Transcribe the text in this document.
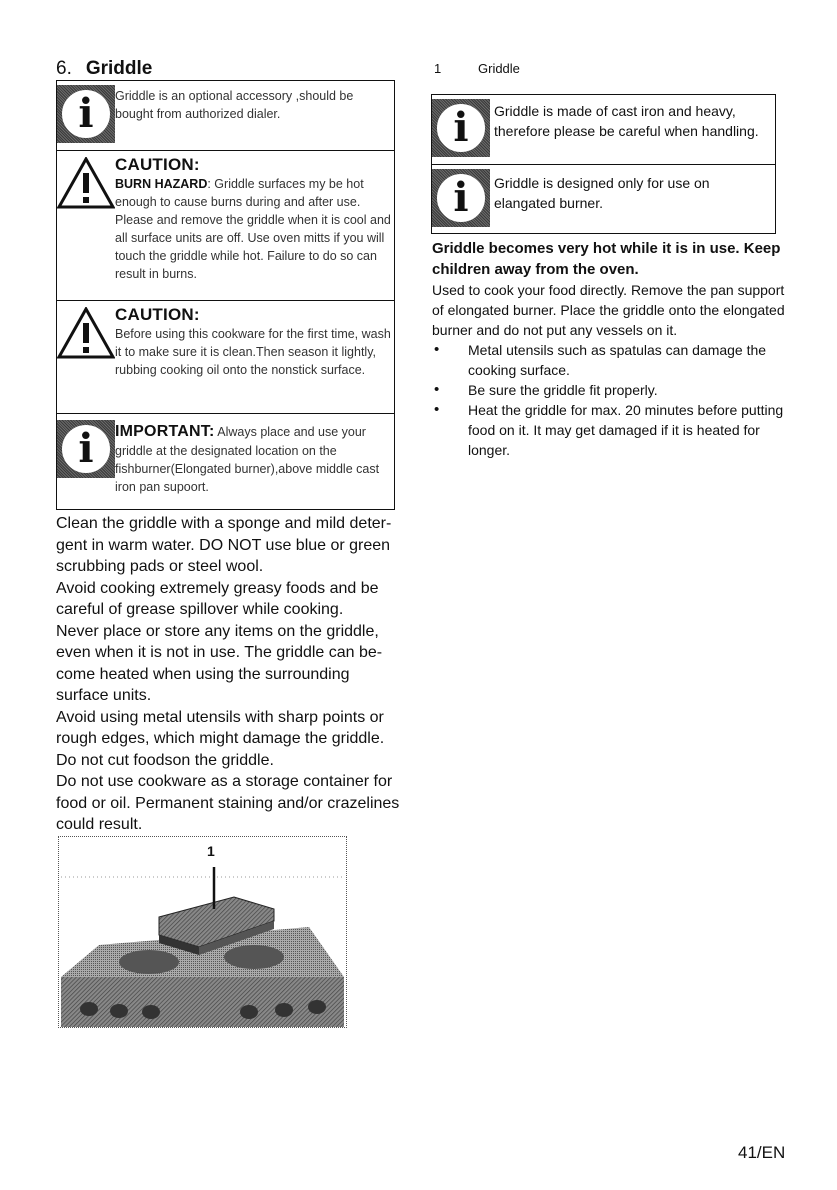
6. Griddle
i	Griddle is an optional accessory ,should be bought from authorized dialer.
CAUTION:
BURN HAZARD: Griddle surfaces my be hot enough to cause burns during and after use. Please and remove the griddle when it is cool and all surface units are off. Use oven mitts if you will touch the griddle while hot. Failure to do so can result in burns.
CAUTION:
Before using this cookware for the first time, wash it to make sure it is clean.Then season it lightly, rubbing cooking oil onto the nonstick surface.
i	IMPORTANT: Always place and use your griddle at the designated location on the fishburner(Elongated burner),above middle cast iron pan supoort.
Clean the griddle with a sponge and mild deter-gent in warm water. DO NOT use blue or green scrubbing pads or steel wool.
Avoid cooking extremely greasy foods and be careful of grease spillover while cooking.
Never place or store any items on the griddle, even when it is not in use. The griddle can be-come heated when using the surrounding surface units.
Avoid using metal utensils with sharp points or rough edges, which might damage the griddle.
Do not cut foodson the griddle.
Do not use cookware as a storage container for food or oil. Permanent staining and/or crazelines could result.
1
1	Griddle
i	Griddle is made of cast iron and heavy, therefore please be careful when handling.
i	Griddle is designed only for use on elangated burner.
Griddle becomes very hot while it is in use. Keep children away from the oven.
Used to cook your food directly. Remove the pan support of elongated burner. Place the griddle onto the elongated burner and do not put any vessels on it.
• Metal utensils such as spatulas can damage the cooking surface.
• Be sure the griddle fit properly.
• Heat the griddle for max. 20 minutes before putting food on it. It may get damaged if it is heated for longer.
41/EN
